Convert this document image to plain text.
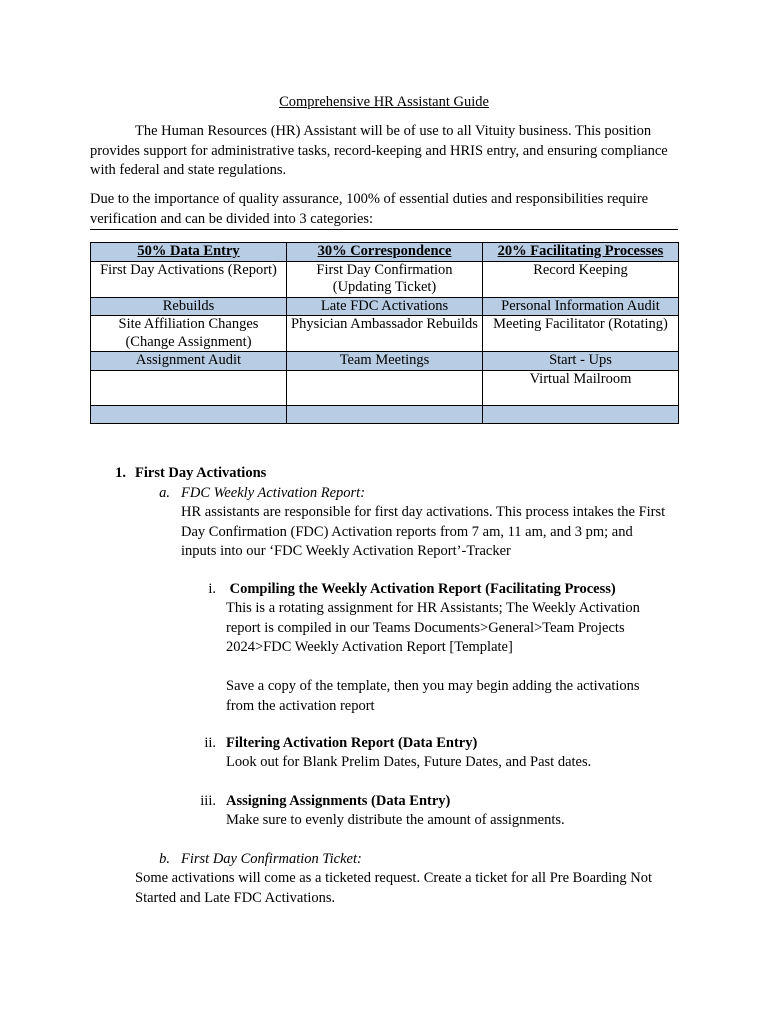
Comprehensive HR Assistant Guide
The Human Resources (HR) Assistant will be of use to all Vituity business. This position provides support for administrative tasks, record-keeping and HRIS entry, and ensuring compliance with federal and state regulations.
Due to the importance of quality assurance, 100% of essential duties and responsibilities require verification and can be divided into 3 categories:
50% Data Entry	30% Correspondence	20% Facilitating Processes
First Day Activations (Report)	First Day Confirmation (Updating Ticket)	Record Keeping
Rebuilds	Late FDC Activations	Personal Information Audit
Site Affiliation Changes (Change Assignment)	Physician Ambassador Rebuilds	Meeting Facilitator (Rotating)
Assignment Audit	Team Meetings	Start - Ups
		Virtual Mailroom

1. First Day Activations
a. FDC Weekly Activation Report:
HR assistants are responsible for first day activations. This process intakes the First Day Confirmation (FDC) Activation reports from 7 am, 11 am, and 3 pm; and inputs into our ‘FDC Weekly Activation Report’-Tracker
i. Compiling the Weekly Activation Report (Facilitating Process)
This is a rotating assignment for HR Assistants; The Weekly Activation report is compiled in our Teams Documents>General>Team Projects 2024>FDC Weekly Activation Report [Template]
Save a copy of the template, then you may begin adding the activations from the activation report
ii. Filtering Activation Report (Data Entry)
Look out for Blank Prelim Dates, Future Dates, and Past dates.
iii. Assigning Assignments (Data Entry)
Make sure to evenly distribute the amount of assignments.
b. First Day Confirmation Ticket:
Some activations will come as a ticketed request. Create a ticket for all Pre Boarding Not Started and Late FDC Activations.
